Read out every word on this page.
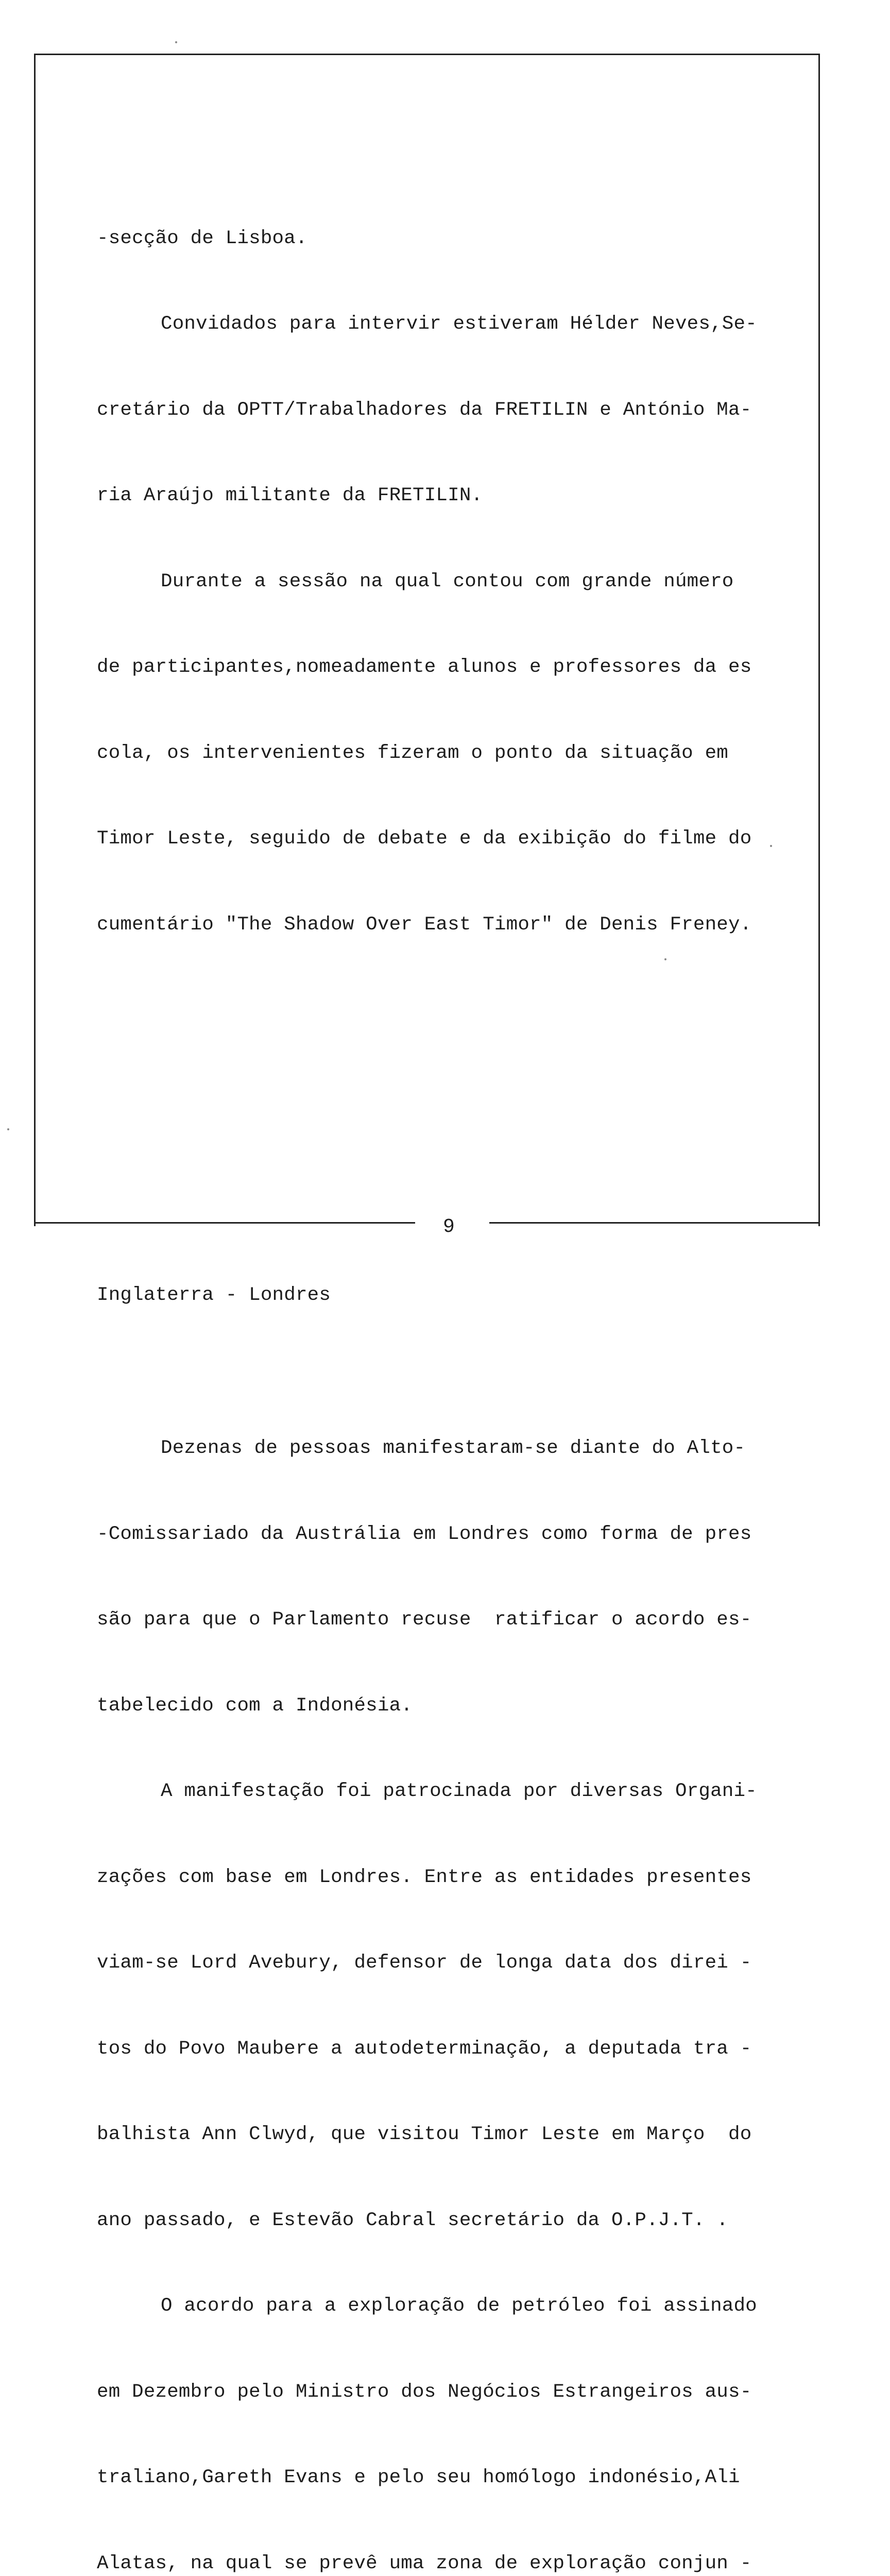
9

-secção de Lisboa.

Convidados para intervir estiveram Hélder Neves,Se-

cretário da OPTT/Trabalhadores da FRETILIN e António Ma-

ria Araújo militante da FRETILIN.

Durante a sessão na qual contou com grande número

de participantes,nomeadamente alunos e professores da es

cola, os intervenientes fizeram o ponto da situação em

Timor Leste, seguido de debate e da exibição do filme do

cumentário "The Shadow Over East Timor" de Denis Freney.

Inglaterra - Londres

Dezenas de pessoas manifestaram-se diante do Alto-

-Comissariado da Austrália em Londres como forma de pres

são para que o Parlamento recuse  ratificar o acordo es-

tabelecido com a Indonésia.

A manifestação foi patrocinada por diversas Organi-

zações com base em Londres. Entre as entidades presentes

viam-se Lord Avebury, defensor de longa data dos direi -

tos do Povo Maubere a autodeterminação, a deputada tra -

balhista Ann Clwyd, que visitou Timor Leste em Março  do

ano passado, e Estevão Cabral secretário da O.P.J.T. .

O acordo para a exploração de petróleo foi assinado

em Dezembro pelo Ministro dos Negócios Estrangeiros aus-

traliano,Gareth Evans e pelo seu homólogo indonésio,Ali

Alatas, na qual se prevê uma zona de exploração conjun -
